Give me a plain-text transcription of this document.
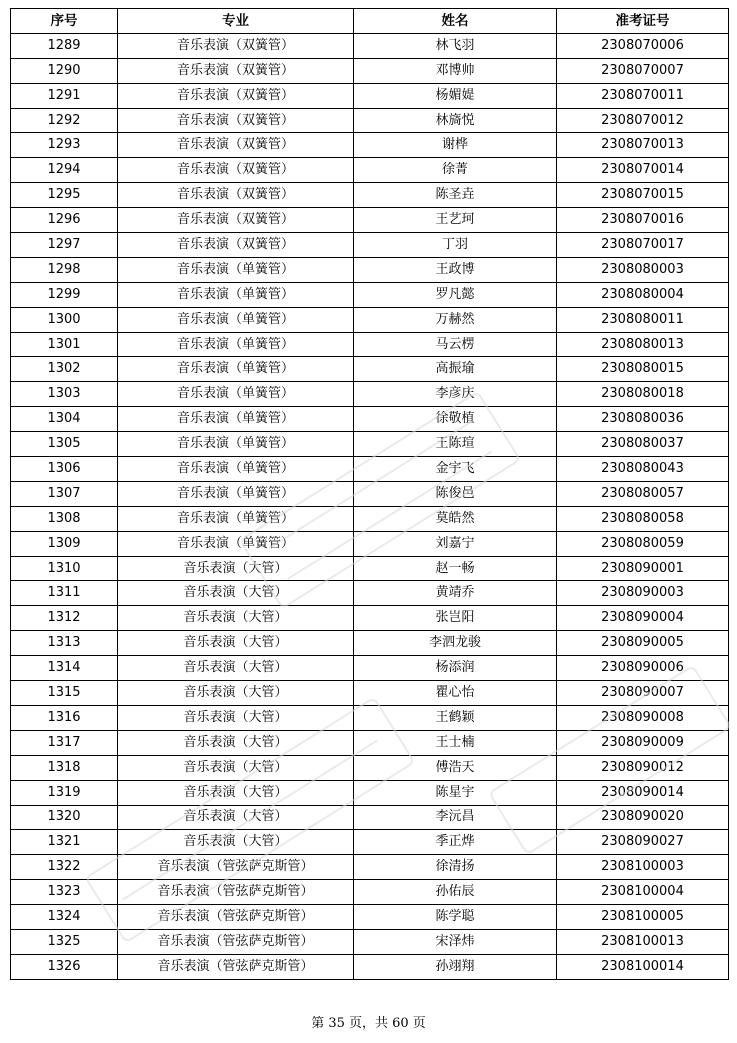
序号	专业	姓名	准考证号
1289	音乐表演（双簧管）	林飞羽	2308070006
1290	音乐表演（双簧管）	邓博帅	2308070007
1291	音乐表演（双簧管）	杨媚媞	2308070011
1292	音乐表演（双簧管）	林旖悦	2308070012
1293	音乐表演（双簧管）	谢桦	2308070013
1294	音乐表演（双簧管）	徐菁	2308070014
1295	音乐表演（双簧管）	陈圣垚	2308070015
1296	音乐表演（双簧管）	王艺珂	2308070016
1297	音乐表演（双簧管）	丁羽	2308070017
1298	音乐表演（单簧管）	王政博	2308080003
1299	音乐表演（单簧管）	罗凡懿	2308080004
1300	音乐表演（单簧管）	万赫然	2308080011
1301	音乐表演（单簧管）	马云楞	2308080013
1302	音乐表演（单簧管）	高振瑜	2308080015
1303	音乐表演（单簧管）	李彦庆	2308080018
1304	音乐表演（单簧管）	徐敬植	2308080036
1305	音乐表演（单簧管）	王陈瑄	2308080037
1306	音乐表演（单簧管）	金宇飞	2308080043
1307	音乐表演（单簧管）	陈俊邑	2308080057
1308	音乐表演（单簧管）	莫皓然	2308080058
1309	音乐表演（单簧管）	刘嘉宁	2308080059
1310	音乐表演（大管）	赵一畅	2308090001
1311	音乐表演（大管）	黄靖乔	2308090003
1312	音乐表演（大管）	张岂阳	2308090004
1313	音乐表演（大管）	李泗龙骏	2308090005
1314	音乐表演（大管）	杨添润	2308090006
1315	音乐表演（大管）	瞿心怡	2308090007
1316	音乐表演（大管）	王鹤颖	2308090008
1317	音乐表演（大管）	王士楠	2308090009
1318	音乐表演（大管）	傅浩天	2308090012
1319	音乐表演（大管）	陈星宇	2308090014
1320	音乐表演（大管）	李沅昌	2308090020
1321	音乐表演（大管）	季正烨	2308090027
1322	音乐表演（管弦萨克斯管）	徐清扬	2308100003
1323	音乐表演（管弦萨克斯管）	孙佑辰	2308100004
1324	音乐表演（管弦萨克斯管）	陈学聪	2308100005
1325	音乐表演（管弦萨克斯管）	宋泽炜	2308100013
1326	音乐表演（管弦萨克斯管）	孙翊翔	2308100014
第 35 页，共 60 页
